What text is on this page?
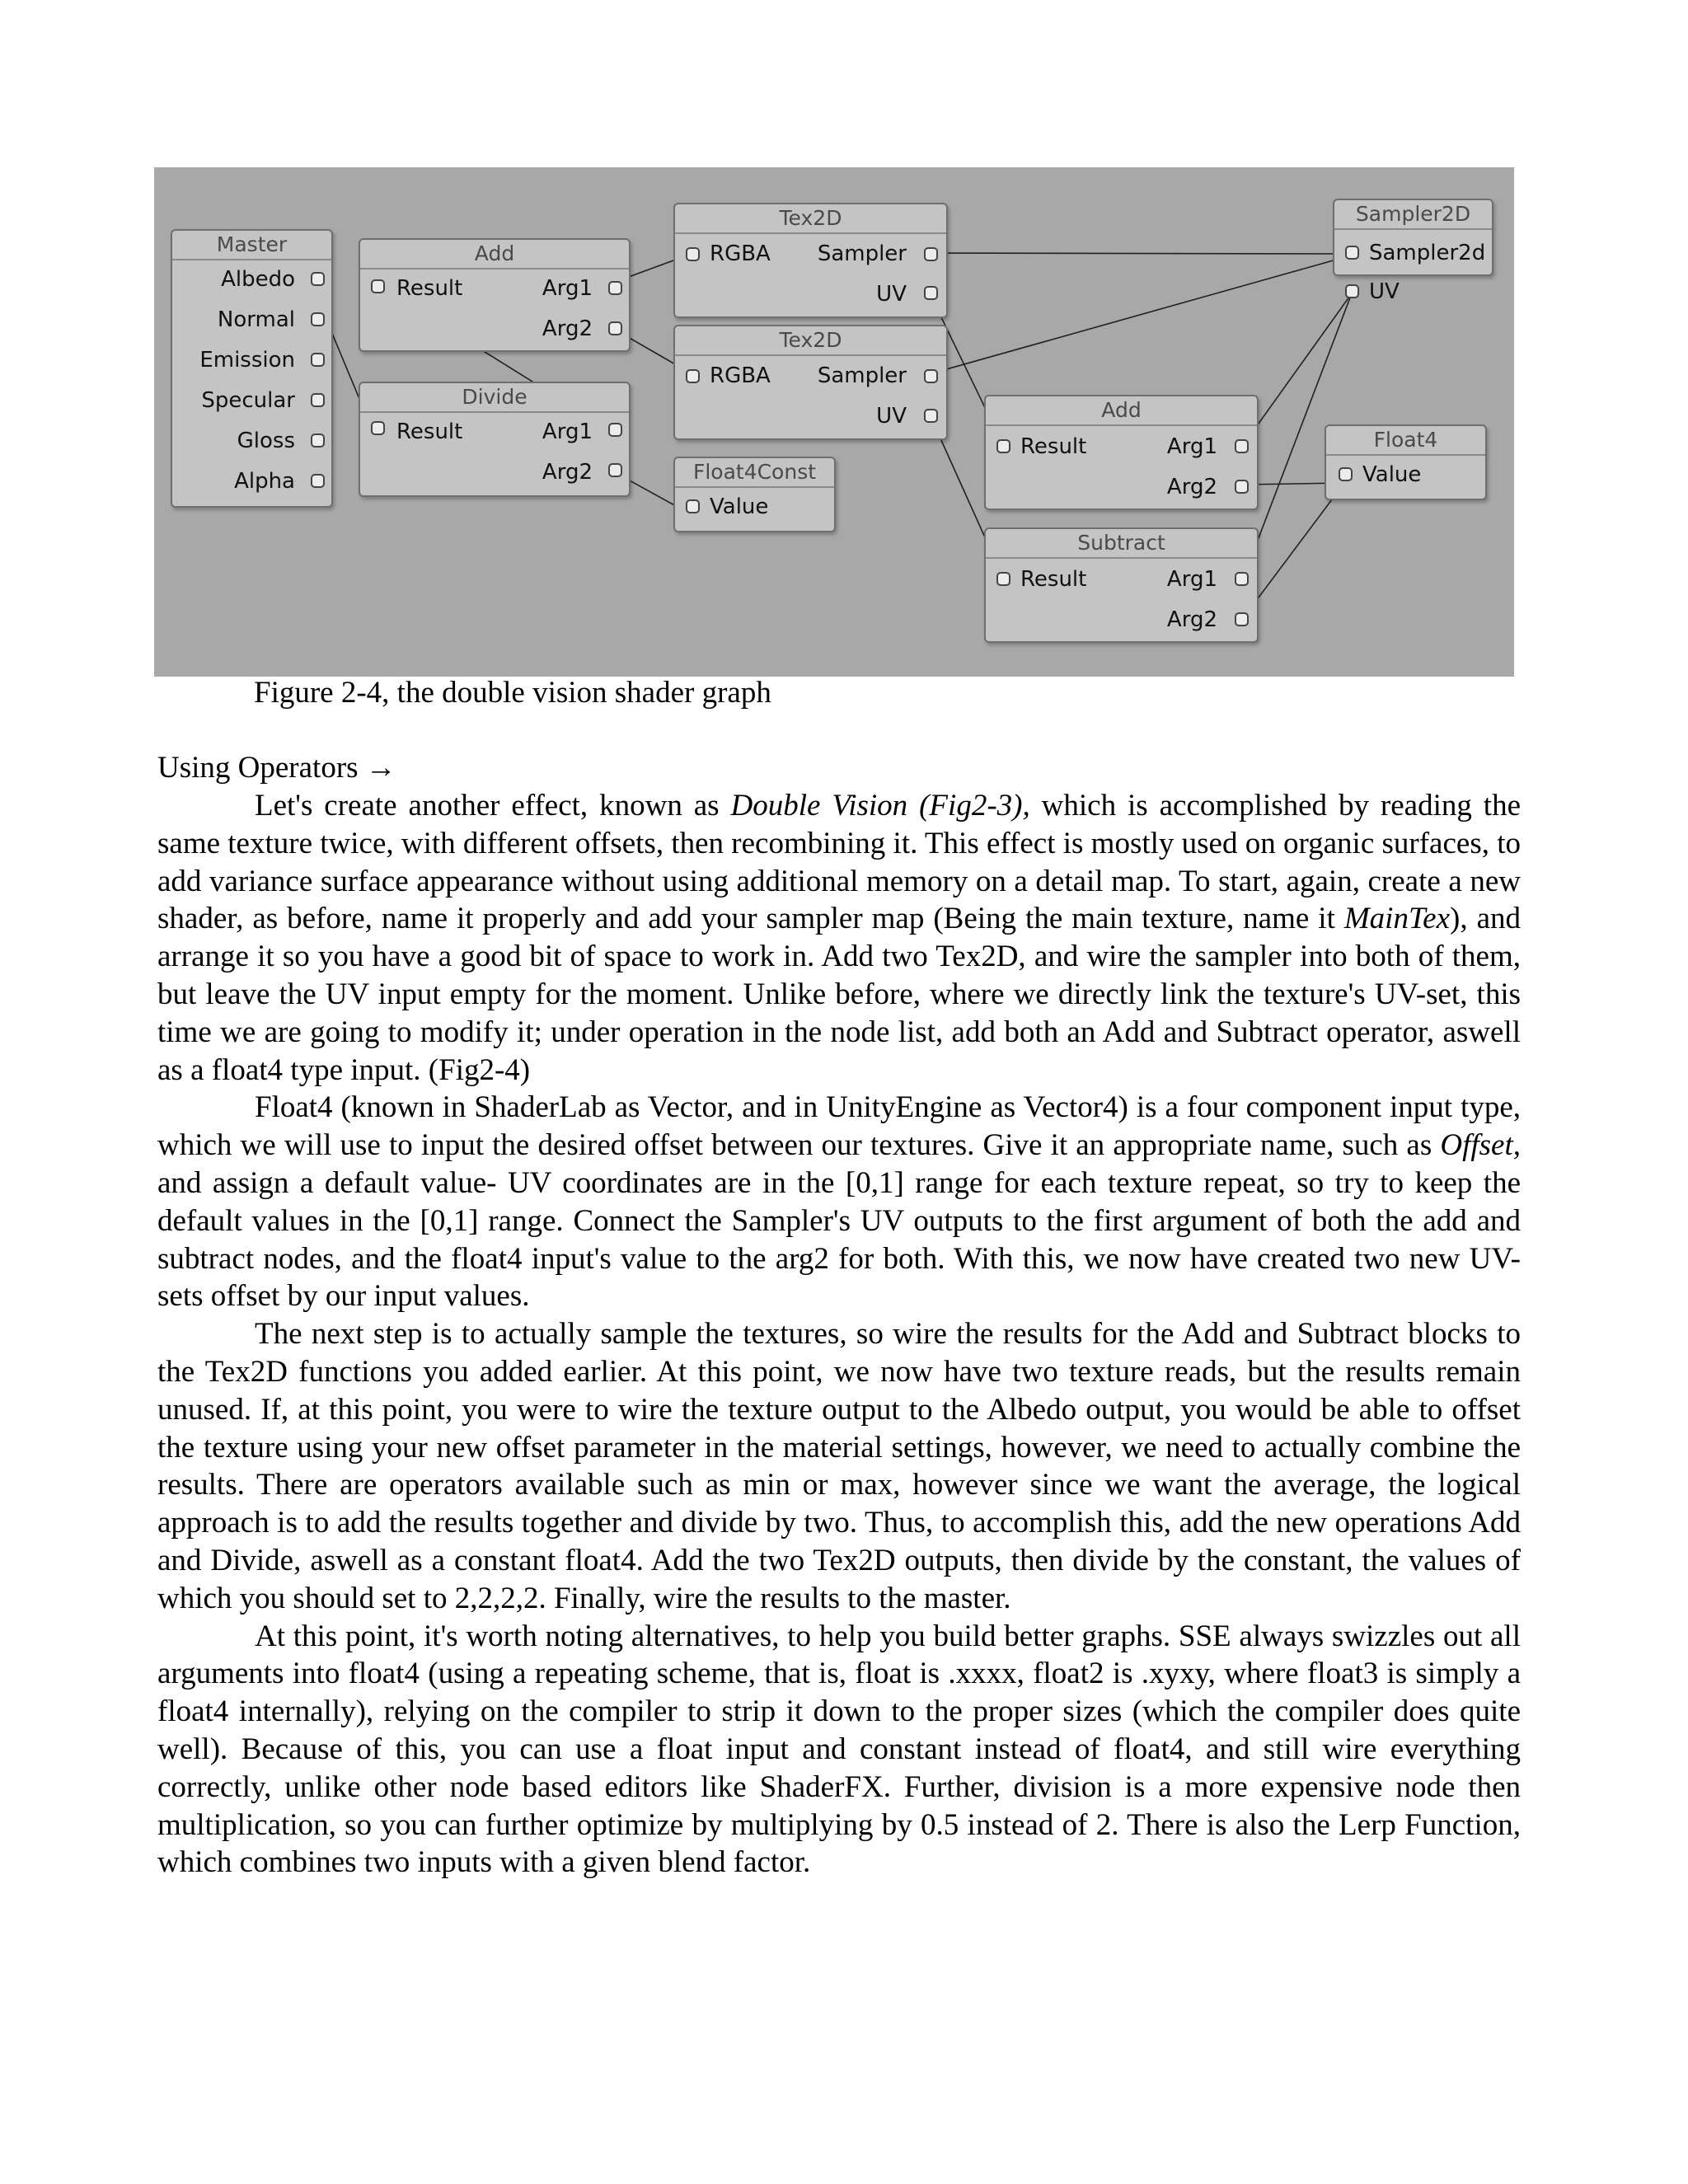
Master
Albedo
Normal
Emission
Specular
Gloss
Alpha
Add
Result	Arg1
Arg2
Divide
Result	Arg1
Arg2
Tex2D
RGBA Sampler
UV
Tex2D
RGBA Sampler
UV
Float4Const
Value
Sampler2D
Sampler2d
UV
Add
Result	Arg1
Arg2
Subtract
Result	Arg1
Arg2
Float4
Value
Figure 2-4, the double vision shader graph
Using Operators →

Let's create another effect, known as Double Vision (Fig2-3), which is accomplished by reading the same texture twice, with different offsets, then recombining it. This effect is mostly used on organic surfaces, to add variance surface appearance without using additional memory on a detail map. To start, again, create a new shader, as before, name it properly and add your sampler map (Being the main texture, name it MainTex), and arrange it so you have a good bit of space to work in. Add two Tex2D, and wire the sampler into both of them, but leave the UV input empty for the moment. Unlike before, where we directly link the texture's UV-set, this time we are going to modify it; under operation in the node list, add both an Add and Subtract operator, aswell as a float4 type input. (Fig2-4)

Float4 (known in ShaderLab as Vector, and in UnityEngine as Vector4) is a four component input type, which we will use to input the desired offset between our textures. Give it an appropriate name, such as Offset, and assign a default value- UV coordinates are in the [0,1] range for each texture repeat, so try to keep the default values in the [0,1] range. Connect the Sampler's UV outputs to the first argument of both the add and subtract nodes, and the float4 input's value to the arg2 for both. With this, we now have created two new UV-sets offset by our input values.

The next step is to actually sample the textures, so wire the results for the Add and Subtract blocks to the Tex2D functions you added earlier. At this point, we now have two texture reads, but the results remain unused. If, at this point, you were to wire the texture output to the Albedo output, you would be able to offset the texture using your new offset parameter in the material settings, however, we need to actually combine the results. There are operators available such as min or max, however since we want the average, the logical approach is to add the results together and divide by two. Thus, to accomplish this, add the new operations Add and Divide, aswell as a constant float4. Add the two Tex2D outputs, then divide by the constant, the values of which you should set to 2,2,2,2. Finally, wire the results to the master.

At this point, it's worth noting alternatives, to help you build better graphs. SSE always swizzles out all arguments into float4 (using a repeating scheme, that is, float is .xxxx, float2 is .xyxy, where float3 is simply a float4 internally), relying on the compiler to strip it down to the proper sizes (which the compiler does quite well). Because of this, you can use a float input and constant instead of float4, and still wire everything correctly, unlike other node based editors like ShaderFX. Further, division is a more expensive node then multiplication, so you can further optimize by multiplying by 0.5 instead of 2. There is also the Lerp Function, which combines two inputs with a given blend factor.
